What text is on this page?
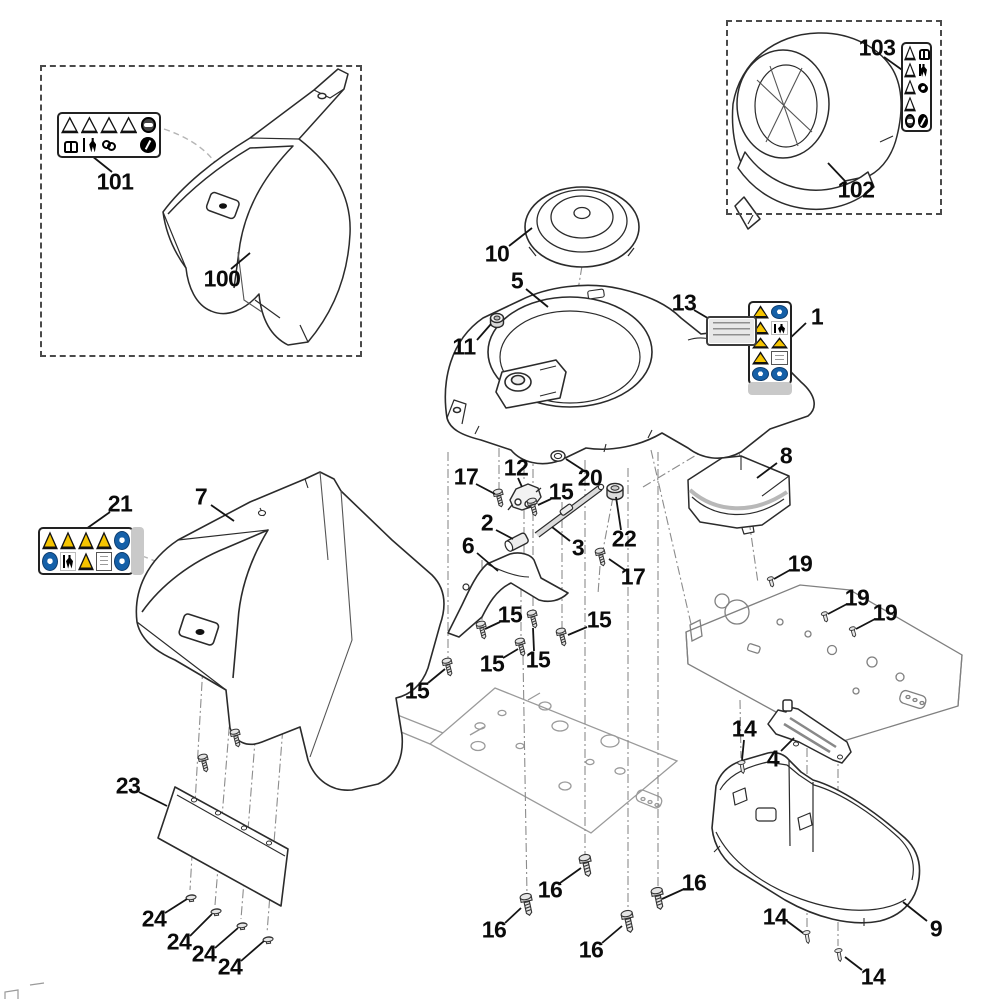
100
101	102
103
10
5
11
13
1
17 12
15
20
2
3 22
6
17
8
19
19
19
7
21
15	15
15 15
15
23
24
24 24 24
16
16
16
16
14
14
14
4
9
